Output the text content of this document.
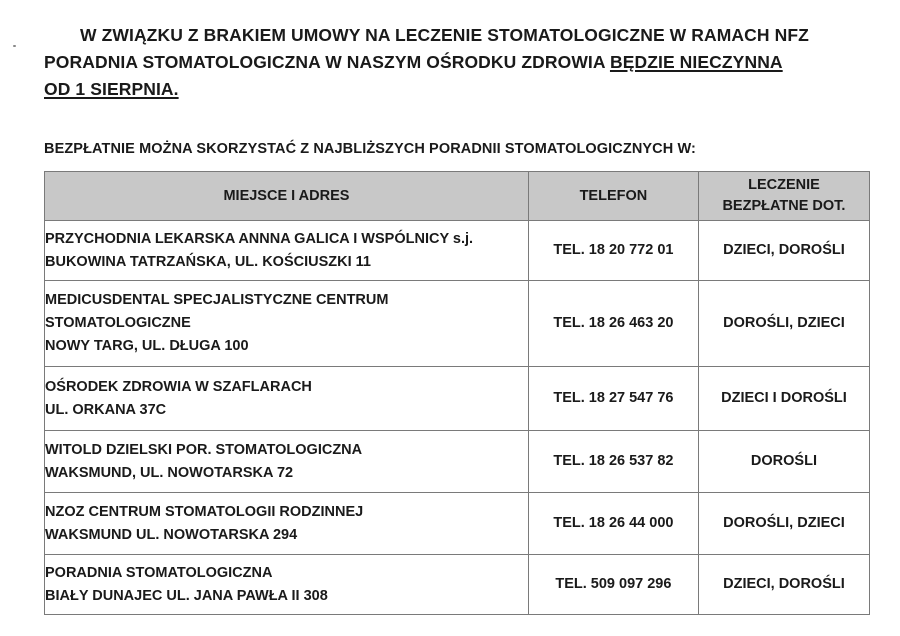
W ZWIĄZKU Z BRAKIEM UMOWY NA LECZENIE STOMATOLOGICZNE W RAMACH NFZ
PORADNIA STOMATOLOGICZNA W NASZYM OŚRODKU ZDROWIA BĘDZIE NIECZYNNA
OD 1 SIERPNIA.
BEZPŁATNIE MOŻNA SKORZYSTAĆ Z NAJBLIŻSZYCH PORADNII STOMATOLOGICZNYCH W:
MIEJSCE I ADRES	TELEFON	LECZENIE
BEZPŁATNE DOT.

PRZYCHODNIA LEKARSKA ANNNA GALICA I WSPÓLNICY s.j.
BUKOWINA TATRZAŃSKA, UL. KOŚCIUSZKI 11	TEL. 18 20 772 01	DZIECI, DOROŚLI

MEDICUSDENTAL SPECJALISTYCZNE CENTRUM
STOMATOLOGICZNE
NOWY TARG, UL. DŁUGA 100	TEL. 18 26 463 20	DOROŚLI, DZIECI

OŚRODEK ZDROWIA W SZAFLARACH
UL. ORKANA 37C	TEL. 18 27 547 76	DZIECI I DOROŚLI

WITOLD DZIELSKI POR. STOMATOLOGICZNA
WAKSMUND, UL. NOWOTARSKA 72	TEL. 18 26 537 82	DOROŚLI

NZOZ CENTRUM STOMATOLOGII RODZINNEJ
WAKSMUND UL. NOWOTARSKA 294	TEL. 18 26 44 000	DOROŚLI, DZIECI

PORADNIA STOMATOLOGICZNA
BIAŁY DUNAJEC UL. JANA PAWŁA II 308	TEL. 509 097 296	DZIECI, DOROŚLI
